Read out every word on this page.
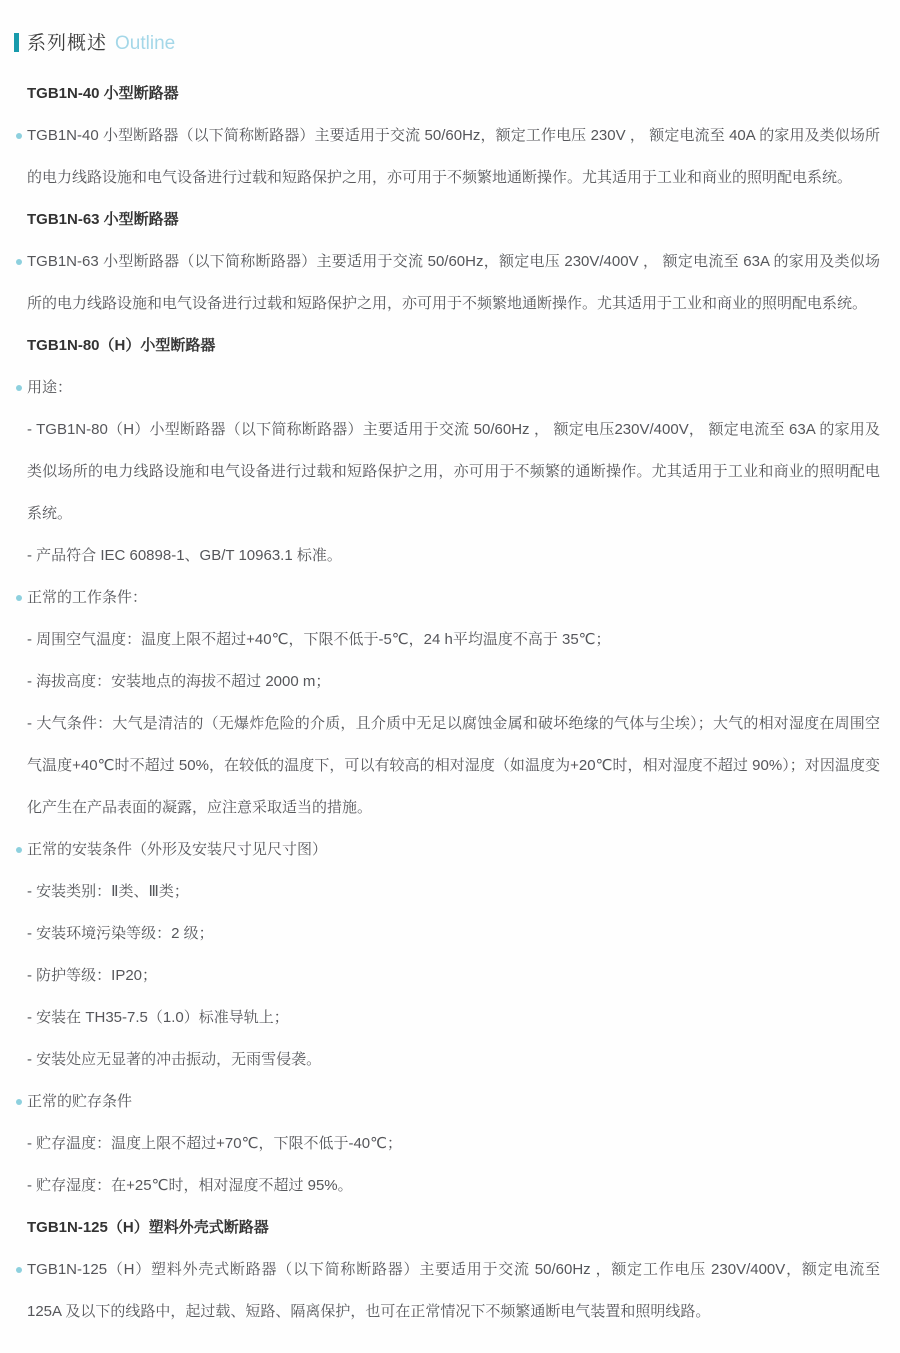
系列概述 Outline
TGB1N-40 小型断路器
TGB1N-40 小型断路器（以下简称断路器）主要适用于交流 50/60Hz，额定工作电压 230V ， 额定电流至 40A 的家用及类似场所的电力线路设施和电气设备进行过载和短路保护之用，亦可用于不频繁地通断操作。尤其适用于工业和商业的照明配电系统。
TGB1N-63 小型断路器
TGB1N-63 小型断路器（以下简称断路器）主要适用于交流 50/60Hz，额定电压 230V/400V ， 额定电流至 63A 的家用及类似场所的电力线路设施和电气设备进行过载和短路保护之用，亦可用于不频繁地通断操作。尤其适用于工业和商业的照明配电系统。
TGB1N-80（H）小型断路器
用途：
- TGB1N-80（H）小型断路器（以下简称断路器）主要适用于交流 50/60Hz ， 额定电压230V/400V， 额定电流至 63A 的家用及类似场所的电力线路设施和电气设备进行过载和短路保护之用，亦可用于不频繁的通断操作。尤其适用于工业和商业的照明配电系统。
- 产品符合 IEC 60898-1、GB/T 10963.1 标准。
正常的工作条件：
- 周围空气温度：温度上限不超过+40℃，下限不低于-5℃，24 h平均温度不高于 35℃；
- 海拔高度：安装地点的海拔不超过 2000 m；
- 大气条件：大气是清洁的（无爆炸危险的介质，且介质中无足以腐蚀金属和破坏绝缘的气体与尘埃）；大气的相对湿度在周围空气温度+40℃时不超过 50%，在较低的温度下，可以有较高的相对湿度（如温度为+20℃时，相对湿度不超过 90%）；对因温度变化产生在产品表面的凝露，应注意采取适当的措施。
正常的安装条件（外形及安装尺寸见尺寸图）
- 安装类别：Ⅱ类、Ⅲ类；
- 安装环境污染等级：2 级；
- 防护等级：IP20；
- 安装在 TH35-7.5（1.0）标准导轨上；
- 安装处应无显著的冲击振动，无雨雪侵袭。
正常的贮存条件
- 贮存温度：温度上限不超过+70℃，下限不低于-40℃；
- 贮存湿度：在+25℃时，相对湿度不超过 95%。
TGB1N-125（H）塑料外壳式断路器
TGB1N-125（H）塑料外壳式断路器（以下简称断路器）主要适用于交流 50/60Hz ，额定工作电压 230V/400V，额定电流至 125A 及以下的线路中，起过载、短路、隔离保护，也可在正常情况下不频繁通断电气装置和照明线路。
